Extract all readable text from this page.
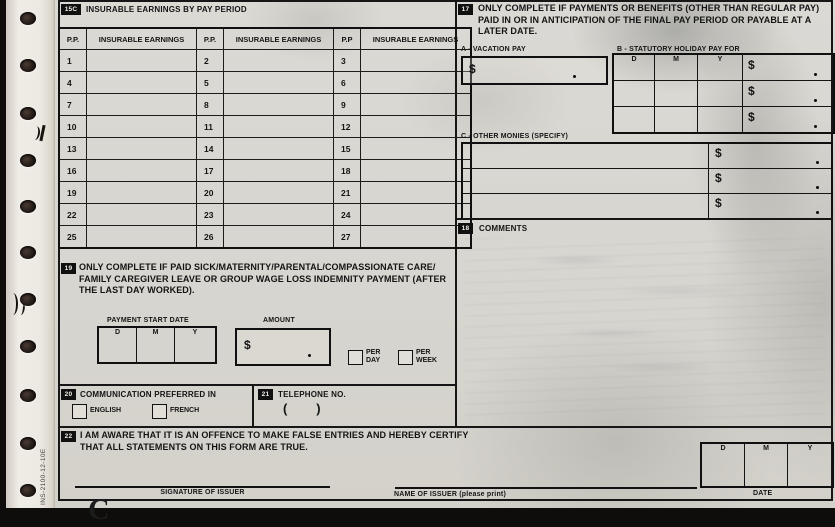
INS-2100-12-10E
15C	INSURABLE EARNINGS BY PAY PERIOD
P.P.	INSURABLE EARNINGS	P.P.	INSURABLE EARNINGS	P.P	INSURABLE EARNINGS
1		2		3	
4		5		6	
7		8		9	
10		11		12	
13		14		15	
16		17		18	
19		20		21	
22		23		24	
25		26		27	
19 ONLY COMPLETE IF PAID SICK/MATERNITY/PARENTAL/COMPASSIONATE CARE/ FAMILY CAREGIVER LEAVE OR GROUP WAGE LOSS INDEMNITY PAYMENT (AFTER THE LAST DAY WORKED).
PAYMENT START DATE
D	M	Y
AMOUNT
$
PER DAY
PER WEEK
20 COMMUNICATION PREFERRED IN
ENGLISH	FRENCH
21	TELEPHONE NO.
(        )
17 ONLY COMPLETE IF PAYMENTS OR BENEFITS (OTHER THAN REGULAR PAY) PAID IN OR IN ANTICIPATION OF THE FINAL PAY PERIOD OR PAYABLE AT A LATER DATE.
A - VACATION PAY
$
B - STATUTORY HOLIDAY PAY FOR
D	M	Y	$

			$

			$
C - OTHER MONIES (SPECIFY)

	$

	$

	$
18	COMMENTS
22 I AM AWARE THAT IT IS AN OFFENCE TO MAKE FALSE ENTRIES AND HEREBY CERTIFY THAT ALL STATEMENTS ON THIS FORM ARE TRUE.	D	M	Y
DATE
SIGNATURE OF ISSUER	NAME OF ISSUER (please print)
C
